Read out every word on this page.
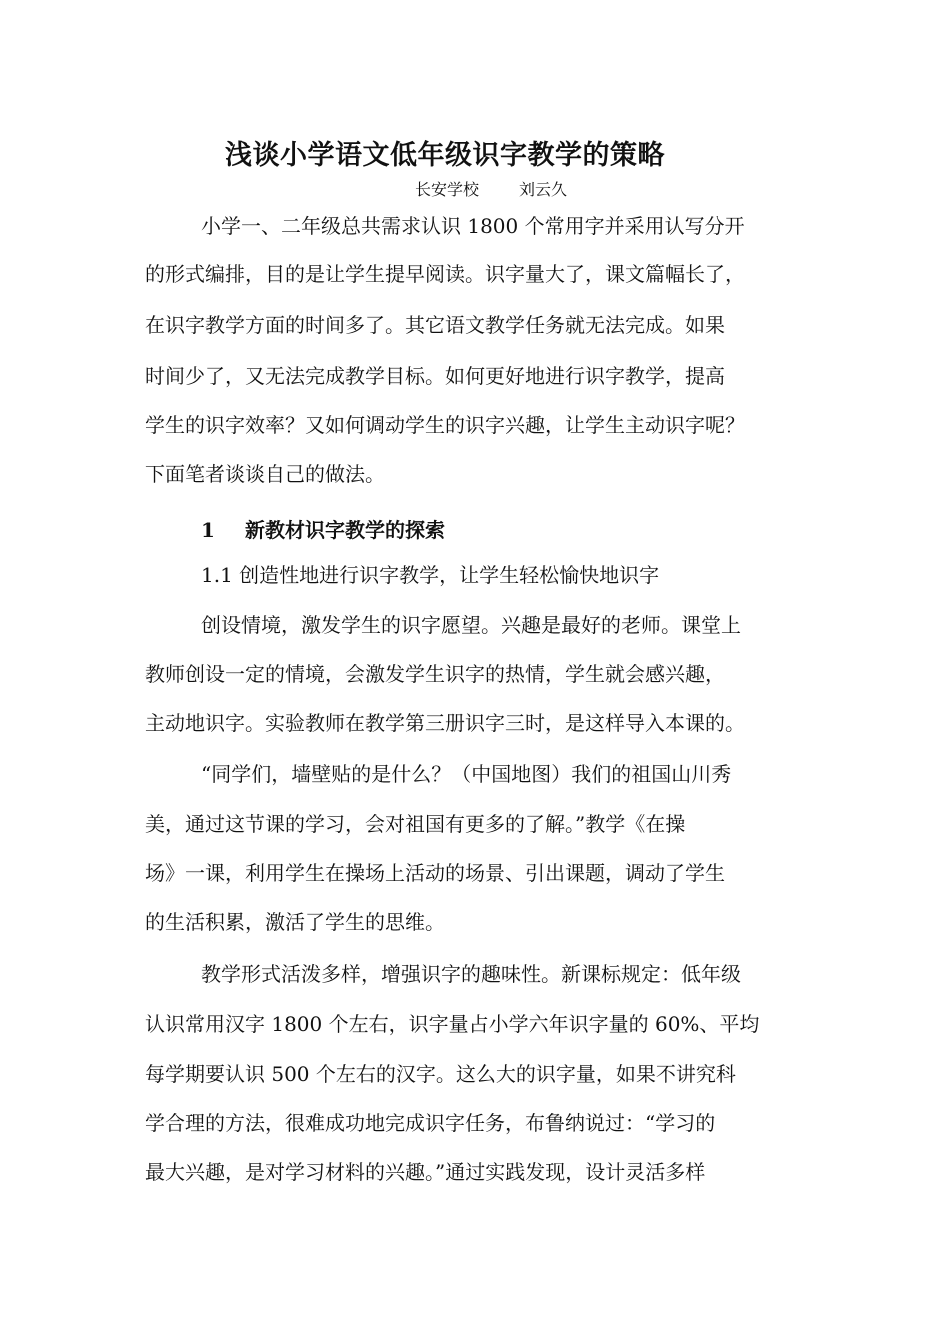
浅谈小学语文低年级识字教学的策略
长安学校	刘云久
小学一、二年级总共需求认识 1800 个常用字并采用认写分开
的形式编排，目的是让学生提早阅读。识字量大了，课文篇幅长了，
在识字教学方面的时间多了。其它语文教学任务就无法完成。如果
时间少了，又无法完成教学目标。如何更好地进行识字教学，提高
学生的识字效率？又如何调动学生的识字兴趣，让学生主动识字呢？
下面笔者谈谈自己的做法。
1 新教材识字教学的探索
1.1 创造性地进行识字教学，让学生轻松愉快地识字
创设情境，激发学生的识字愿望。兴趣是最好的老师。课堂上
教师创设一定的情境，会激发学生识字的热情，学生就会感兴趣，
主动地识字。实验教师在教学第三册识字三时，是这样导入本课的。
“同学们，墙壁贴的是什么？（中国地图）我们的祖国山川秀
美，通过这节课的学习，会对祖国有更多的了解。”教学《在操
场》一课，利用学生在操场上活动的场景、引出课题，调动了学生
的生活积累，激活了学生的思维。
教学形式活泼多样，增强识字的趣味性。新课标规定：低年级
认识常用汉字 1800 个左右，识字量占小学六年识字量的 60%、平均
每学期要认识 500 个左右的汉字。这么大的识字量，如果不讲究科
学合理的方法，很难成功地完成识字任务，布鲁纳说过：“学习的
最大兴趣，是对学习材料的兴趣。”通过实践发现，设计灵活多样
